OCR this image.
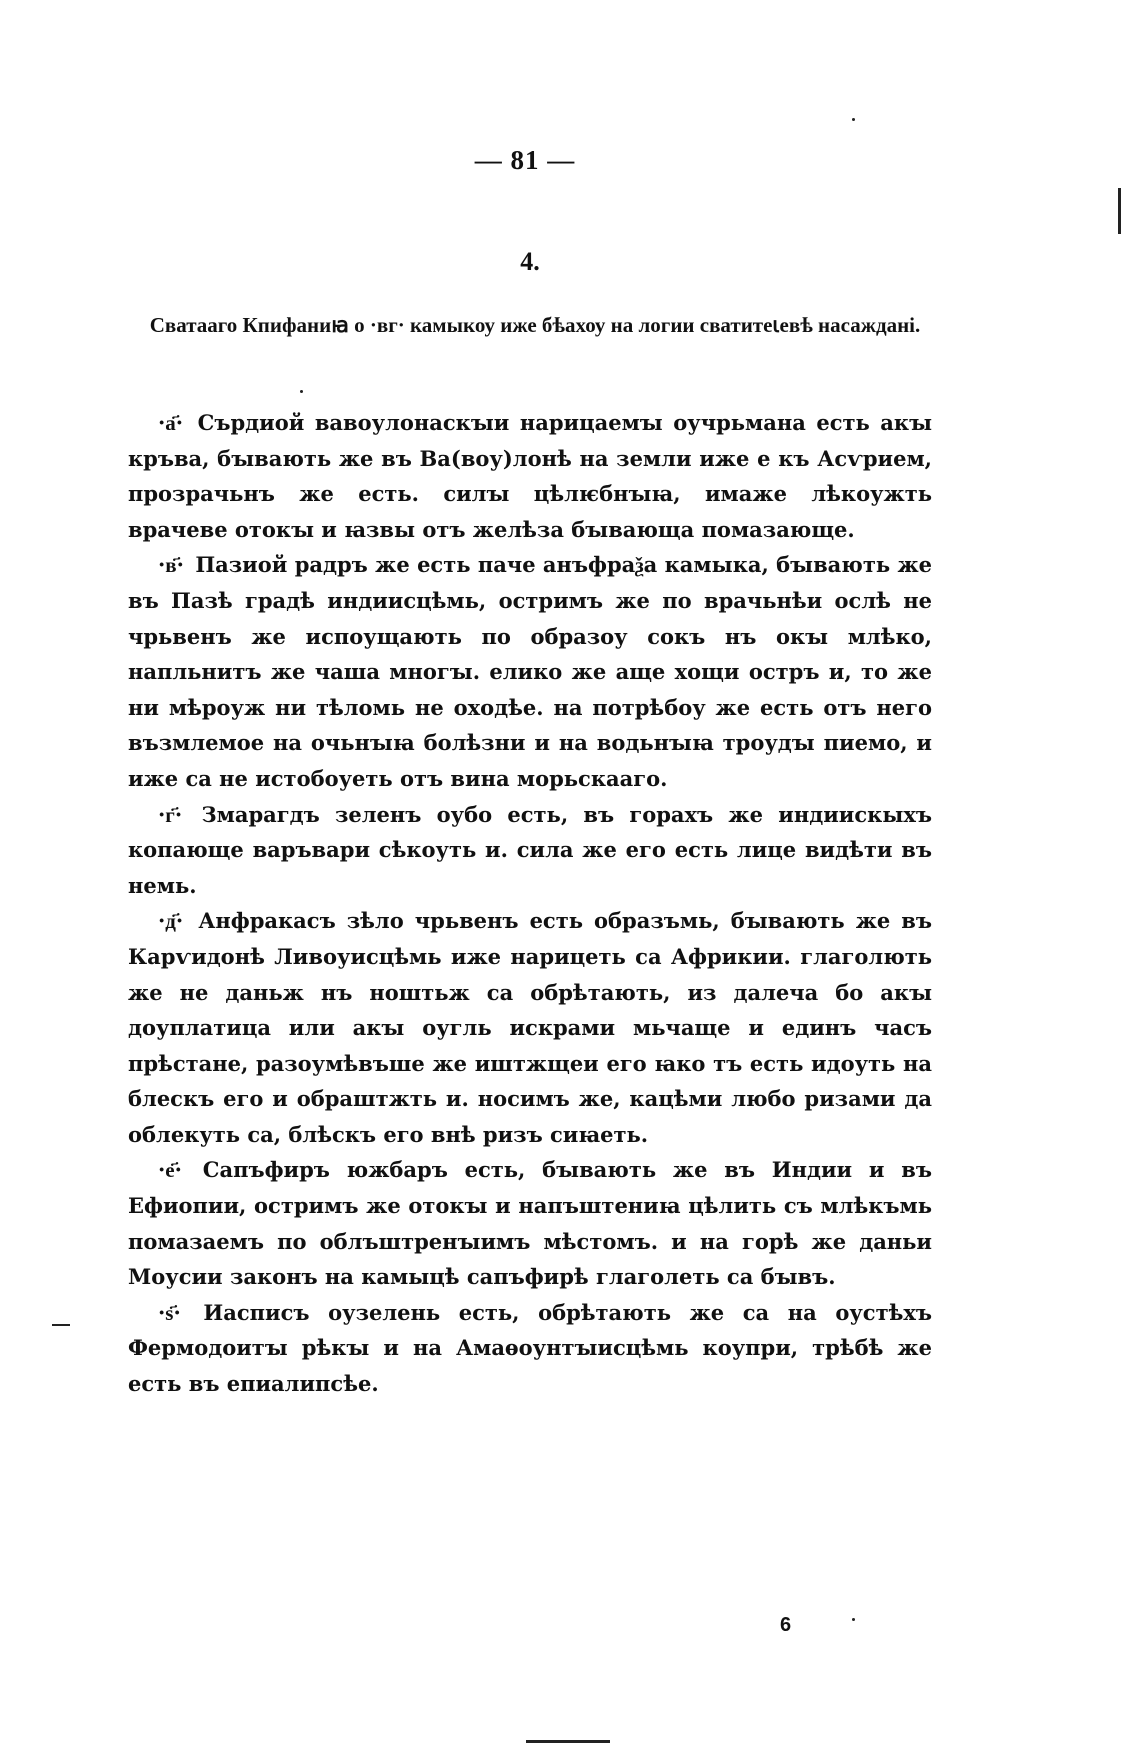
— 81 —
4.
Сватааго Кпифаниꙗ о ·вг· камыкоу иже бѣахоу на логии сватитеꙇевѣ насаждані.

·а҃· Сърдиой вавоулонаскꙑи нарицаемꙑ оучрьмана есть акꙑ кръва, бꙑвають же въ Ва(воу)лонѣ на земли иже е къ Асѵрием, прозрачьнъ же есть. силꙑ цѣлѥбнꙑꙗ, имаже лѣкоужть врачеве отокꙑ и ꙗзвы отъ желѣза бꙑвающа помазающе.

·в҃· Пазиой радръ же есть паче анъфраѯа камыка, бꙑвають же въ Пазѣ градѣ индиисцѣмь, остримъ же по врачьнѣи ослѣ не чрьвенъ же испоущають по образоу сокъ нъ окꙑ млѣко, напльнитъ же чаша многꙑ. елико же аще хощи остръ и, то же ни мѣроуж ни тѣломь не оходѣе. на потрѣбоу же есть отъ него възмлемое на очьнꙑꙗ болѣзни и на водьнꙑꙗ троудꙑ пиемо, и иже са не истобоуеть отъ вина морьскааго.

·г҃· Змарагдъ зеленъ оубо есть, въ горахъ же индиискыхъ копающе варъвари сѣкоуть и. сила же его есть лице видѣти въ немь.

·д҃· Анфракасъ зѣло чрьвенъ есть образъмь, бꙑвають же въ Карѵидонѣ Ливоуисцѣмь иже нарицеть са Африкии. глаголють же не даньж нъ ноштьж са обрѣтають, из далеча бо акꙑ доуплатица или акꙑ оугль искрами мьчаще и единъ часъ прѣстане, разоумѣвъше же иштжщеи его ꙗко тъ есть идоуть на блескъ его и обраштжть и. носимъ же, кацѣми любо ризами да облекуть са, блѣскъ его внѣ ризъ сиꙗеть.

·е҃· Сапъфиръ южбаръ есть, бꙑвають же въ Индии и въ Ефиопии, остримъ же отокꙑ и напъштениꙗ цѣлить съ млѣкъмь помазаемъ по облъштренꙑимъ мѣстомъ. и на горѣ же даньи Моусии законъ на камыцѣ сапъфирѣ глаголеть са бꙑвъ.

·ѕ҃· Иасписъ оузелень есть, обрѣтають же са на оустѣхъ Фермодоитꙑ рѣкꙑ и на Амаѳоунтꙑисцѣмь коупри, трѣбѣ же есть въ епиалипсѣе.

6
